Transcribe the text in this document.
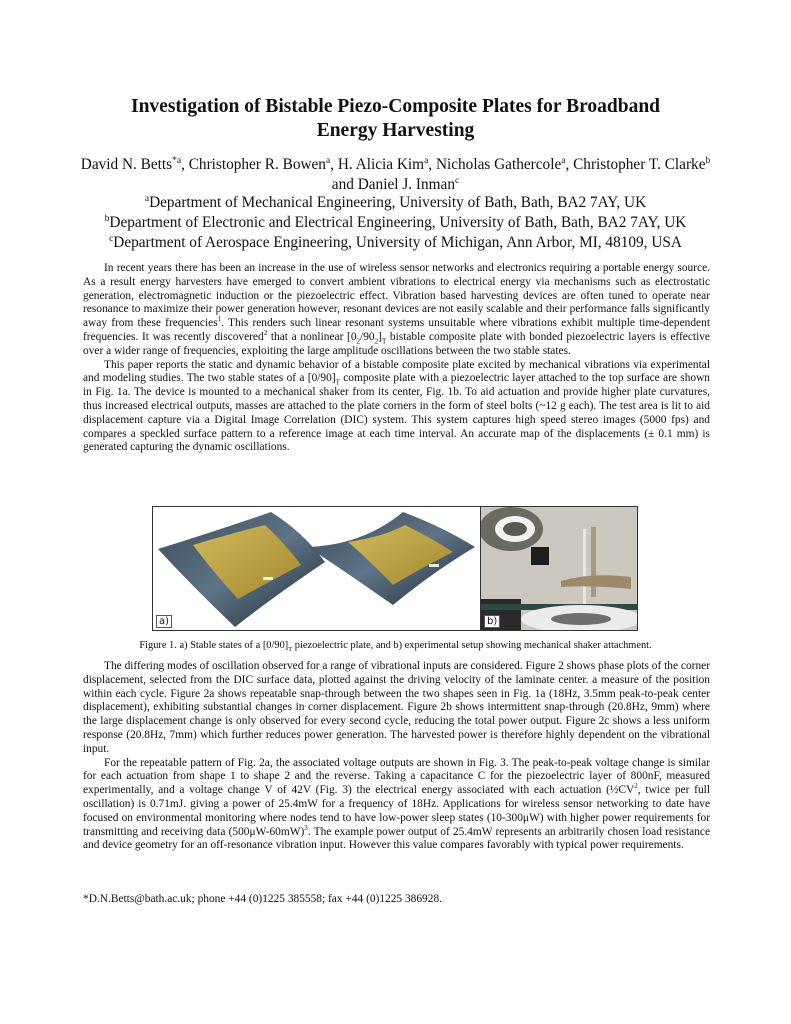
Investigation of Bistable Piezo-Composite Plates for Broadband
Energy Harvesting
David N. Betts$^{*a}$, Christopher R. Bowen$^a$, H. Alicia Kim$^a$, Nicholas Gathercole$^a$, Christopher T. Clarke$^b$ and Daniel J. Inman$^c$
$^a$Department of Mechanical Engineering, University of Bath, Bath, BA2 7AY, UK
$^b$Department of Electronic and Electrical Engineering, University of Bath, Bath, BA2 7AY, UK
$^c$Department of Aerospace Engineering, University of Michigan, Ann Arbor, MI, 48109, USA

In recent years there has been an increase in the use of wireless sensor networks and electronics requiring a portable energy source. As a result energy harvesters have emerged to convert ambient vibrations to electrical energy via mechanisms such as electrostatic generation, electromagnetic induction or the piezoelectric effect. Vibration based harvesting devices are often tuned to operate near resonance to maximize their power generation however, resonant devices are not easily scalable and their performance falls significantly away from these frequencies$^1$. This renders such linear resonant systems unsuitable where vibrations exhibit multiple time-dependent frequencies. It was recently discovered$^2$ that a nonlinear $[0_2/90_2]_T$ bistable composite plate with bonded piezoelectric layers is effective over a wider range of frequencies, exploiting the large amplitude oscillations between the two stable states.

This paper reports the static and dynamic behavior of a bistable composite plate excited by mechanical vibrations via experimental and modeling studies. The two stable states of a $[0/90]_T$ composite plate with a piezoelectric layer attached to the top surface are shown in Fig. 1a. The device is mounted to a mechanical shaker from its center, Fig. 1b. To aid actuation and provide higher plate curvatures, thus increased electrical outputs, masses are attached to the plate corners in the form of steel bolts (~12 g each). The test area is lit to aid displacement capture via a Digital Image Correlation (DIC) system. This system captures high speed stereo images (5000 fps) and compares a speckled surface pattern to a reference image at each time interval. An accurate map of the displacements (± 0.1 mm) is generated capturing the dynamic oscillations.

a)	b)
Figure 1. a) Stable states of a $[0/90]_T$ piezoelectric plate, and b) experimental setup showing mechanical shaker attachment.

The differing modes of oscillation observed for a range of vibrational inputs are considered. Figure 2 shows phase plots of the corner displacement, selected from the DIC surface data, plotted against the driving velocity of the laminate center. a measure of the position within each cycle. Figure 2a shows repeatable snap-through between the two shapes seen in Fig. 1a (18Hz, 3.5mm peak-to-peak center displacement), exhibiting substantial changes in corner displacement. Figure 2b shows intermittent snap-through (20.8Hz, 9mm) where the large displacement change is only observed for every second cycle, reducing the total power output. Figure 2c shows a less uniform response (20.8Hz, 7mm) which further reduces power generation. The harvested power is therefore highly dependent on the vibrational input.

For the repeatable pattern of Fig. 2a, the associated voltage outputs are shown in Fig. 3. The peak-to-peak voltage change is similar for each actuation from shape 1 to shape 2 and the reverse. Taking a capacitance C for the piezoelectric layer of 800nF, measured experimentally, and a voltage change V of 42V (Fig. 3) the electrical energy associated with each actuation ($\frac{1}{2}CV^2$, twice per full oscillation) is 0.71mJ. giving a power of 25.4mW for a frequency of 18Hz. Applications for wireless sensor networking to date have focused on environmental monitoring where nodes tend to have low-power sleep states (10-300μW) with higher power requirements for transmitting and receiving data $(500\mu W-60mW)^3$. The example power output of 25.4mW represents an arbitrarily chosen load resistance and device geometry for an off-resonance vibration input. However this value compares favorably with typical power requirements.

*D.N.Betts@bath.ac.uk; phone +44 (0)1225 385558; fax +44 (0)1225 386928.
